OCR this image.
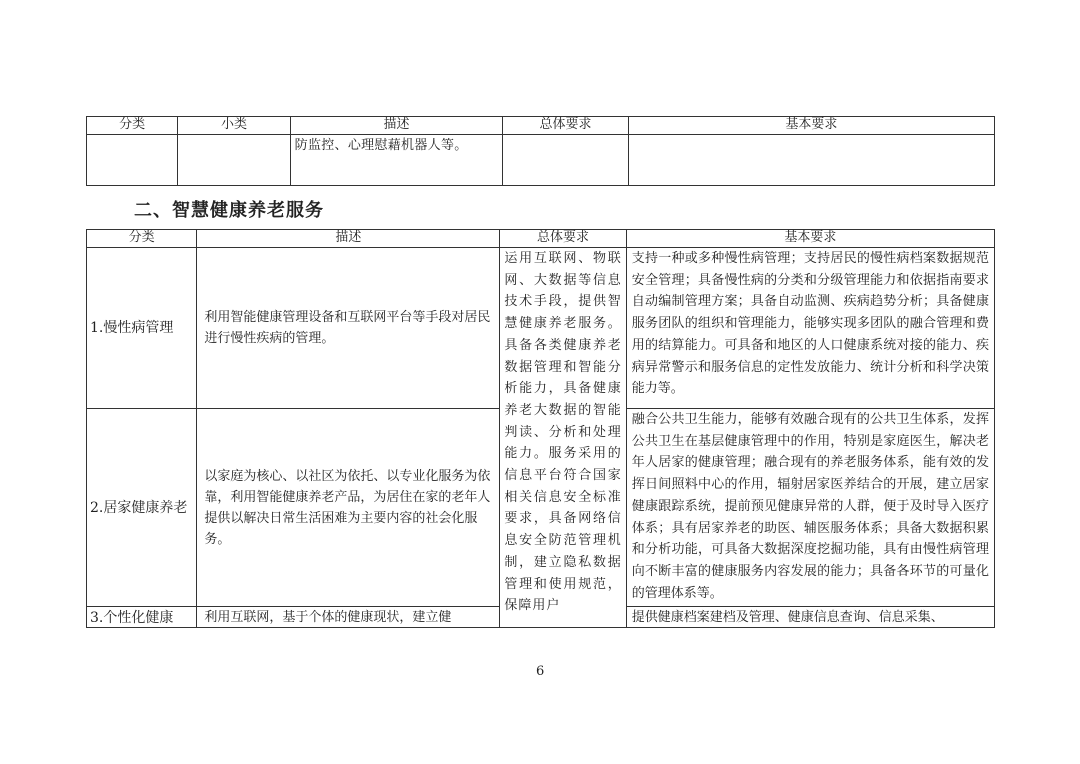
分类	小类	描述	总体要求	基本要求
		防监控、心理慰藉机器人等。		
二、智慧健康养老服务
分类	描述	总体要求	基本要求
1.慢性病管理	利用智能健康管理设备和互联网平台等手段对居民进行慢性疾病的管理。	运用互联网、物联网、大数据等信息技术手段，提供智慧健康养老服务。具备各类健康养老数据管理和智能分析能力，具备健康养老大数据的智能判读、分析和处理能力。服务采用的信息平台符合国家相关信息安全标准要求，具备网络信息安全防范管理机制，建立隐私数据管理和使用规范，保障用户	支持一种或多种慢性病管理；支持居民的慢性病档案数据规范安全管理；具备慢性病的分类和分级管理能力和依据指南要求自动编制管理方案；具备自动监测、疾病趋势分析；具备健康服务团队的组织和管理能力，能够实现多团队的融合管理和费用的结算能力。可具备和地区的人口健康系统对接的能力、疾病异常警示和服务信息的定性发放能力、统计分析和科学决策能力等。
2.居家健康养老	以家庭为核心、以社区为依托、以专业化服务为依靠，利用智能健康养老产品，为居住在家的老年人提供以解决日常生活困难为主要内容的社会化服务。		融合公共卫生能力，能够有效融合现有的公共卫生体系，发挥公共卫生在基层健康管理中的作用，特别是家庭医生，解决老年人居家的健康管理；融合现有的养老服务体系，能有效的发挥日间照料中心的作用，辐射居家医养结合的开展，建立居家健康跟踪系统，提前预见健康异常的人群，便于及时导入医疗体系；具有居家养老的助医、辅医服务体系；具备大数据积累和分析功能，可具备大数据深度挖掘功能，具有由慢性病管理向不断丰富的健康服务内容发展的能力；具备各环节的可量化的管理体系等。

3.个性化健康	利用互联网，基于个体的健康现状，建立健		提供健康档案建档及管理、健康信息查询、信息采集、
6
